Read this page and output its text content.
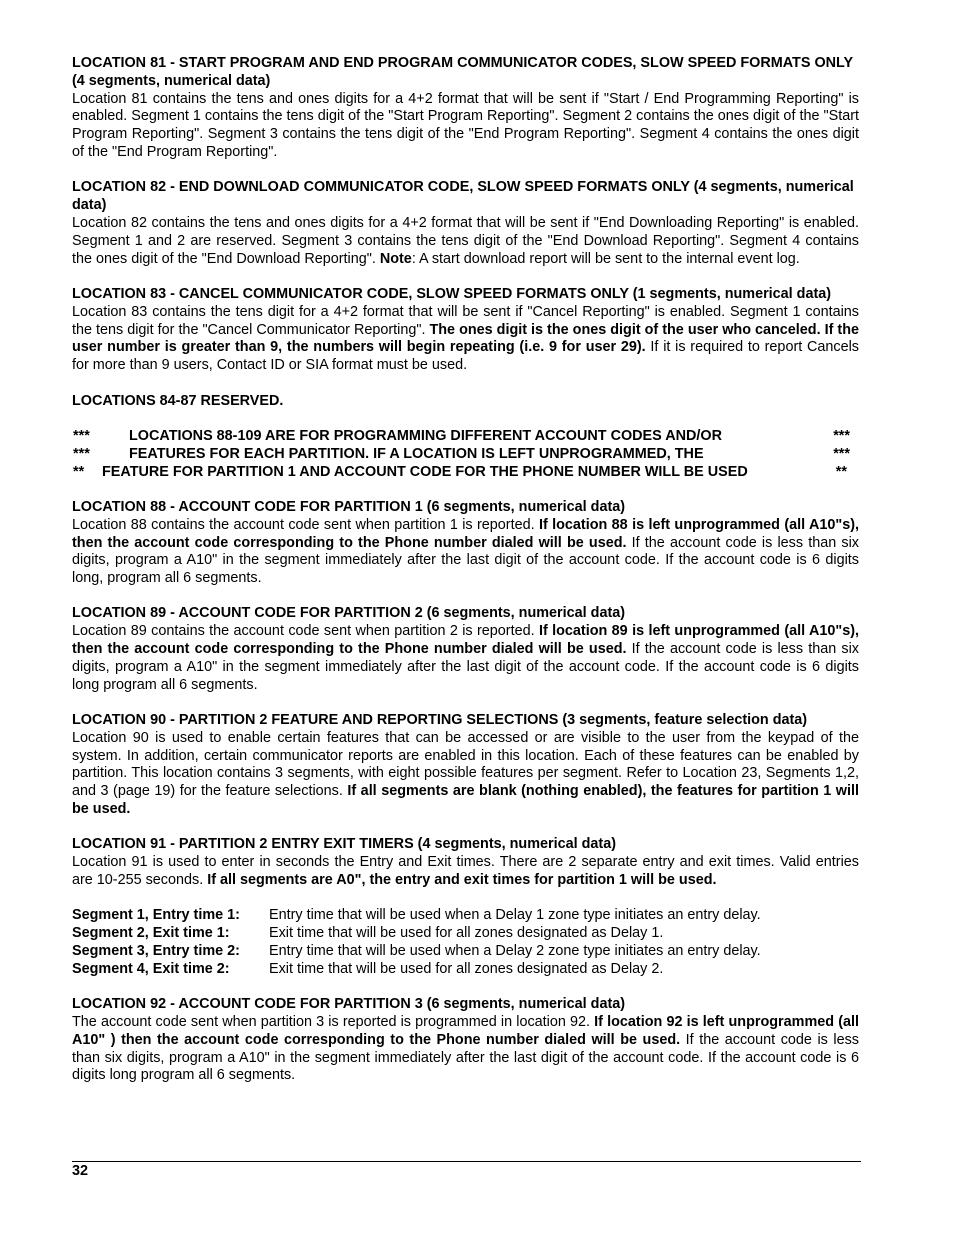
LOCATION 81 - START PROGRAM AND END PROGRAM COMMUNICATOR CODES, SLOW SPEED FORMATS ONLY (4 segments, numerical data)
Location 81 contains the tens and ones digits for a 4+2 format that will be sent if "Start / End Programming Reporting" is enabled. Segment 1 contains the tens digit of the "Start Program Reporting". Segment 2 contains the ones digit of the "Start Program Reporting". Segment 3 contains the tens digit of the "End Program Reporting". Segment 4 contains the ones digit of the "End Program Reporting".
LOCATION 82 - END DOWNLOAD COMMUNICATOR CODE, SLOW SPEED FORMATS ONLY (4 segments, numerical data)
Location 82 contains the tens and ones digits for a 4+2 format that will be sent if "End Downloading Reporting" is enabled. Segment 1 and 2 are reserved. Segment 3 contains the tens digit of the "End Download Reporting". Segment 4 contains the ones digit of the "End Download Reporting". Note: A start download report will be sent to the internal event log.
LOCATION 83 - CANCEL COMMUNICATOR CODE, SLOW SPEED FORMATS ONLY (1 segments, numerical data)
Location 83 contains the tens digit for a 4+2 format that will be sent if "Cancel Reporting" is enabled. Segment 1 contains the tens digit for the "Cancel Communicator Reporting". The ones digit is the ones digit of the user who canceled. If the user number is greater than 9, the numbers will begin repeating (i.e. 9 for user 29). If it is required to report Cancels for more than 9 users, Contact ID or SIA format must be used.
LOCATIONS 84-87 RESERVED.
***	LOCATIONS 88-109 ARE FOR PROGRAMMING DIFFERENT ACCOUNT CODES AND/OR	***
***	FEATURES FOR EACH PARTITION. IF A LOCATION IS LEFT UNPROGRAMMED, THE	***
**	FEATURE FOR PARTITION 1 AND ACCOUNT CODE FOR THE PHONE NUMBER WILL BE USED	**
LOCATION 88 - ACCOUNT CODE FOR PARTITION 1 (6 segments, numerical data)
Location 88 contains the account code sent when partition 1 is reported. If location 88 is left unprogrammed (all A10"s), then the account code corresponding to the Phone number dialed will be used. If the account code is less than six digits, program a A10" in the segment immediately after the last digit of the account code. If the account code is 6 digits long, program all 6 segments.
LOCATION 89 - ACCOUNT CODE FOR PARTITION 2 (6 segments, numerical data)
Location 89 contains the account code sent when partition 2 is reported. If location 89 is left unprogrammed (all A10"s), then the account code corresponding to the Phone number dialed will be used. If the account code is less than six digits, program a A10" in the segment immediately after the last digit of the account code. If the account code is 6 digits long program all 6 segments.
LOCATION 90 - PARTITION 2 FEATURE AND REPORTING SELECTIONS (3 segments, feature selection data)
Location 90 is used to enable certain features that can be accessed or are visible to the user from the keypad of the system. In addition, certain communicator reports are enabled in this location. Each of these features can be enabled by partition. This location contains 3 segments, with eight possible features per segment. Refer to Location 23, Segments 1,2, and 3 (page 19) for the feature selections. If all segments are blank (nothing enabled), the features for partition 1 will be used.
LOCATION 91 - PARTITION 2 ENTRY EXIT TIMERS (4 segments, numerical data)
Location 91 is used to enter in seconds the Entry and Exit times. There are 2 separate entry and exit times. Valid entries are 10-255 seconds. If all segments are A0", the entry and exit times for partition 1 will be used.
Segment 1, Entry time 1:	Entry time that will be used when a Delay 1 zone type initiates an entry delay.
Segment 2, Exit time 1:	Exit time that will be used for all zones designated as Delay 1.
Segment 3, Entry time 2:	Entry time that will be used when a Delay 2 zone type initiates an entry delay.
Segment 4, Exit time 2:	Exit time that will be used for all zones designated as Delay 2.
LOCATION 92 - ACCOUNT CODE FOR PARTITION 3 (6 segments, numerical data)
The account code sent when partition 3 is reported is programmed in location 92. If location 92 is left unprogrammed (all A10" ) then the account code corresponding to the Phone number dialed will be used. If the account code is less than six digits, program a A10" in the segment immediately after the last digit of the account code. If the account code is 6 digits long program all 6 segments.
32
